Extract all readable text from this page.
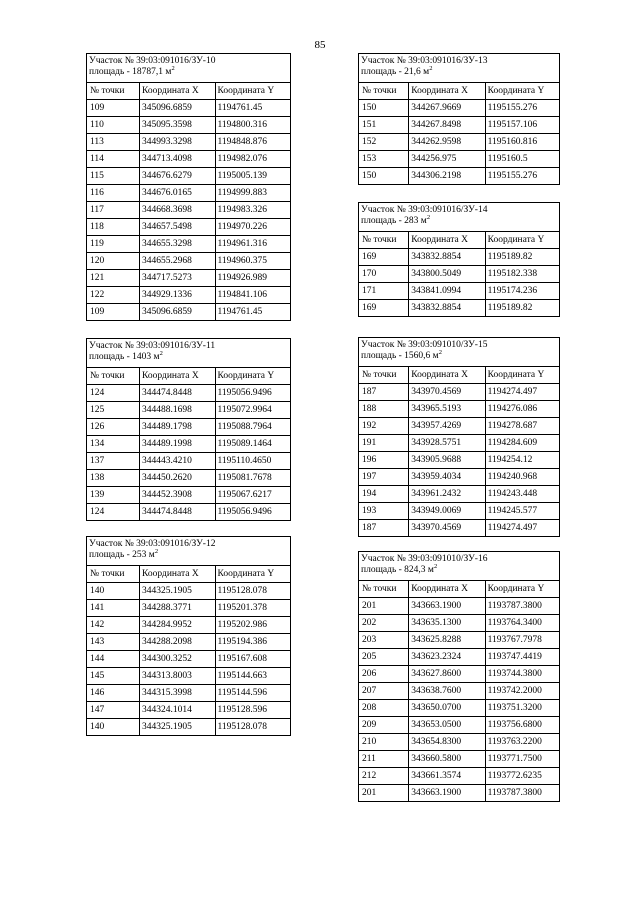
85
Участок № 39:03:091016/ЗУ-10
площадь - 18787,1 $м^2$

№ точки	Координата X	Координата Y
109	345096.6859	1194761.45
110	345095.3598	1194800.316
113	344993.3298	1194848.876
114	344713.4098	1194982.076
115	344676.6279	1195005.139
116	344676.0165	1194999.883
117	344668.3698	1194983.326
118	344657.5498	1194970.226
119	344655.3298	1194961.316
120	344655.2968	1194960.375
121	344717.5273	1194926.989
122	344929.1336	1194841.106
109	345096.6859	1194761.45
Участок № 39:03:091016/ЗУ-11
площадь - 1403 $м^2$

№ точки	Координата X	Координата Y
124	344474.8448	1195056.9496
125	344488.1698	1195072.9964
126	344489.1798	1195088.7964
134	344489.1998	1195089.1464
137	344443.4210	1195110.4650
138	344450.2620	1195081.7678
139	344452.3908	1195067.6217
124	344474.8448	1195056.9496
Участок № 39:03:091016/ЗУ-12
площадь - 253 $м^2$

№ точки	Координата X	Координата Y
140	344325.1905	1195128.078
141	344288.3771	1195201.378
142	344284.9952	1195202.986
143	344288.2098	1195194.386
144	344300.3252	1195167.608
145	344313.8003	1195144.663
146	344315.3998	1195144.596
147	344324.1014	1195128.596
140	344325.1905	1195128.078
Участок № 39:03:091016/ЗУ-13
площадь - 21,6 $м^2$

№ точки	Координата X	Координата Y
150	344267.9669	1195155.276
151	344267.8498	1195157.106
152	344262.9598	1195160.816
153	344256.975	1195160.5
150	344306.2198	1195155.276
Участок № 39:03:091016/ЗУ-14
площадь - 283 $м^2$

№ точки	Координата X	Координата Y
169	343832.8854	1195189.82
170	343800.5049	1195182.338
171	343841.0994	1195174.236
169	343832.8854	1195189.82
Участок № 39:03:091010/ЗУ-15
площадь - 1560,6 $м^2$

№ точки	Координата X	Координата Y
187	343970.4569	1194274.497
188	343965.5193	1194276.086
192	343957.4269	1194278.687
191	343928.5751	1194284.609
196	343905.9688	1194254.12
197	343959.4034	1194240.968
194	343961.2432	1194243.448
193	343949.0069	1194245.577
187	343970.4569	1194274.497
Участок № 39:03:091010/ЗУ-16
площадь - 824,3 $м^2$

№ точки	Координата X	Координата Y
201	343663.1900	1193787.3800
202	343635.1300	1193764.3400
203	343625.8288	1193767.7978
205	343623.2324	1193747.4419
206	343627.8600	1193744.3800
207	343638.7600	1193742.2000
208	343650.0700	1193751.3200
209	343653.0500	1193756.6800
210	343654.8300	1193763.2200
211	343660.5800	1193771.7500
212	343661.3574	1193772.6235
201	343663.1900	1193787.3800
